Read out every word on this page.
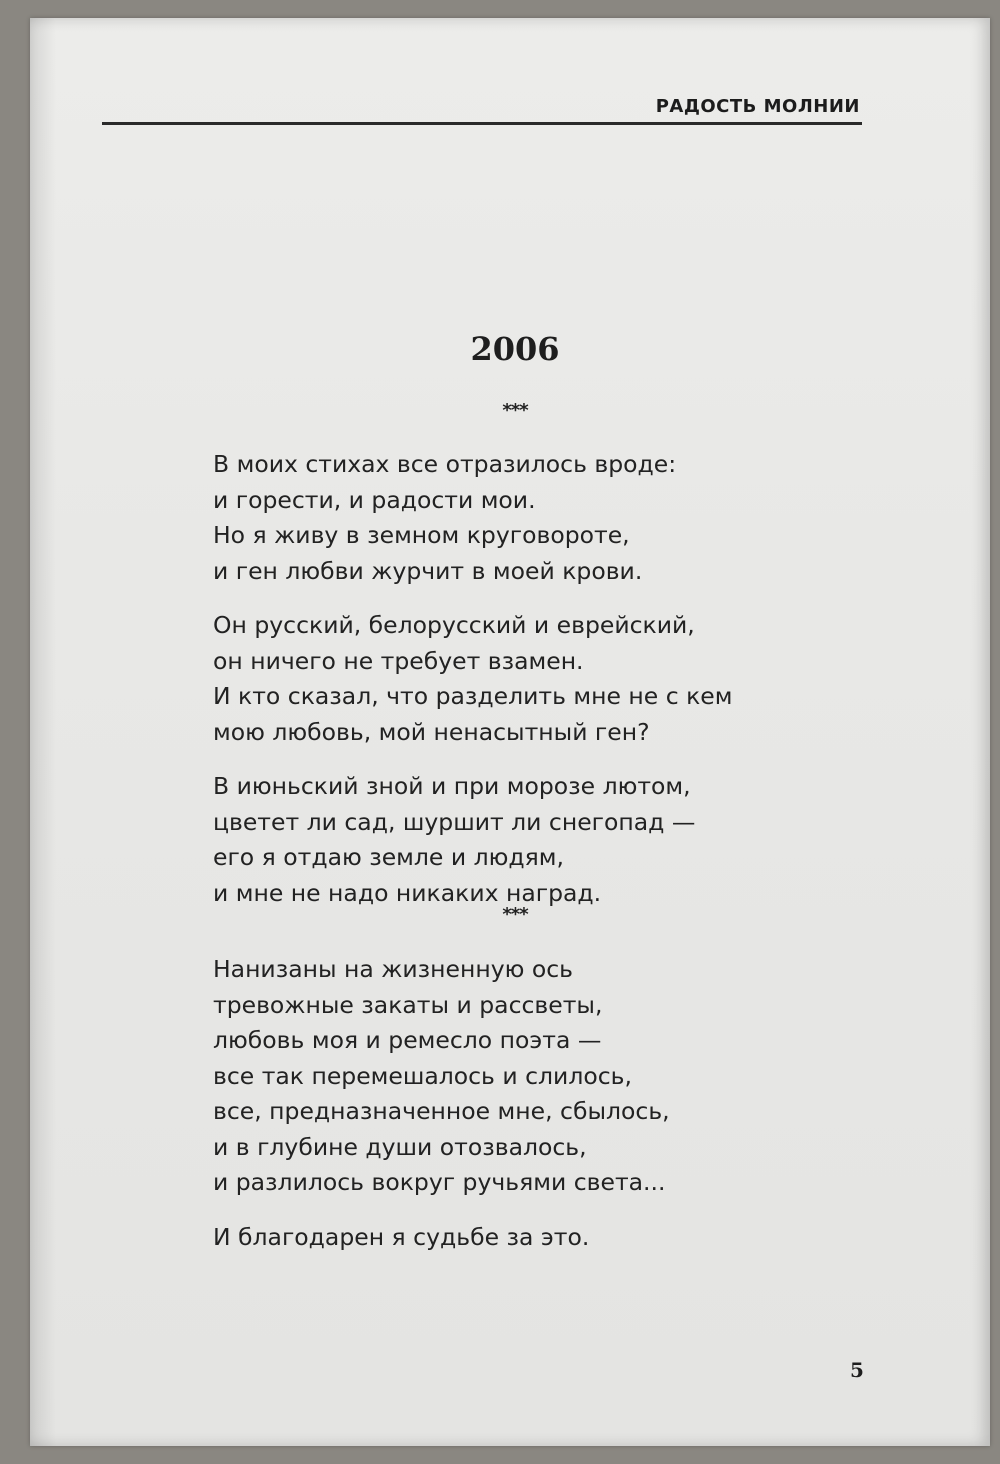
РАДОСТЬ МОЛНИИ
2006
***
В моих стихах все отразилось вроде:
и горести, и радости мои.
Но я живу в земном круговороте,
и ген любви журчит в моей крови.
Он русский, белорусский и еврейский,
он ничего не требует взамен.
И кто сказал, что разделить мне не с кем
мою любовь, мой ненасытный ген?
В июньский зной и при морозе лютом,
цветет ли сад, шуршит ли снегопад —
его я отдаю земле и людям,
и мне не надо никаких наград.
***
Нанизаны на жизненную ось
тревожные закаты и рассветы,
любовь моя и ремесло поэта —
все так перемешалось и слилось,
все, предназначенное мне, сбылось,
и в глубине души отозвалось,
и разлилось вокруг ручьями света...
И благодарен я судьбе за это.
5
